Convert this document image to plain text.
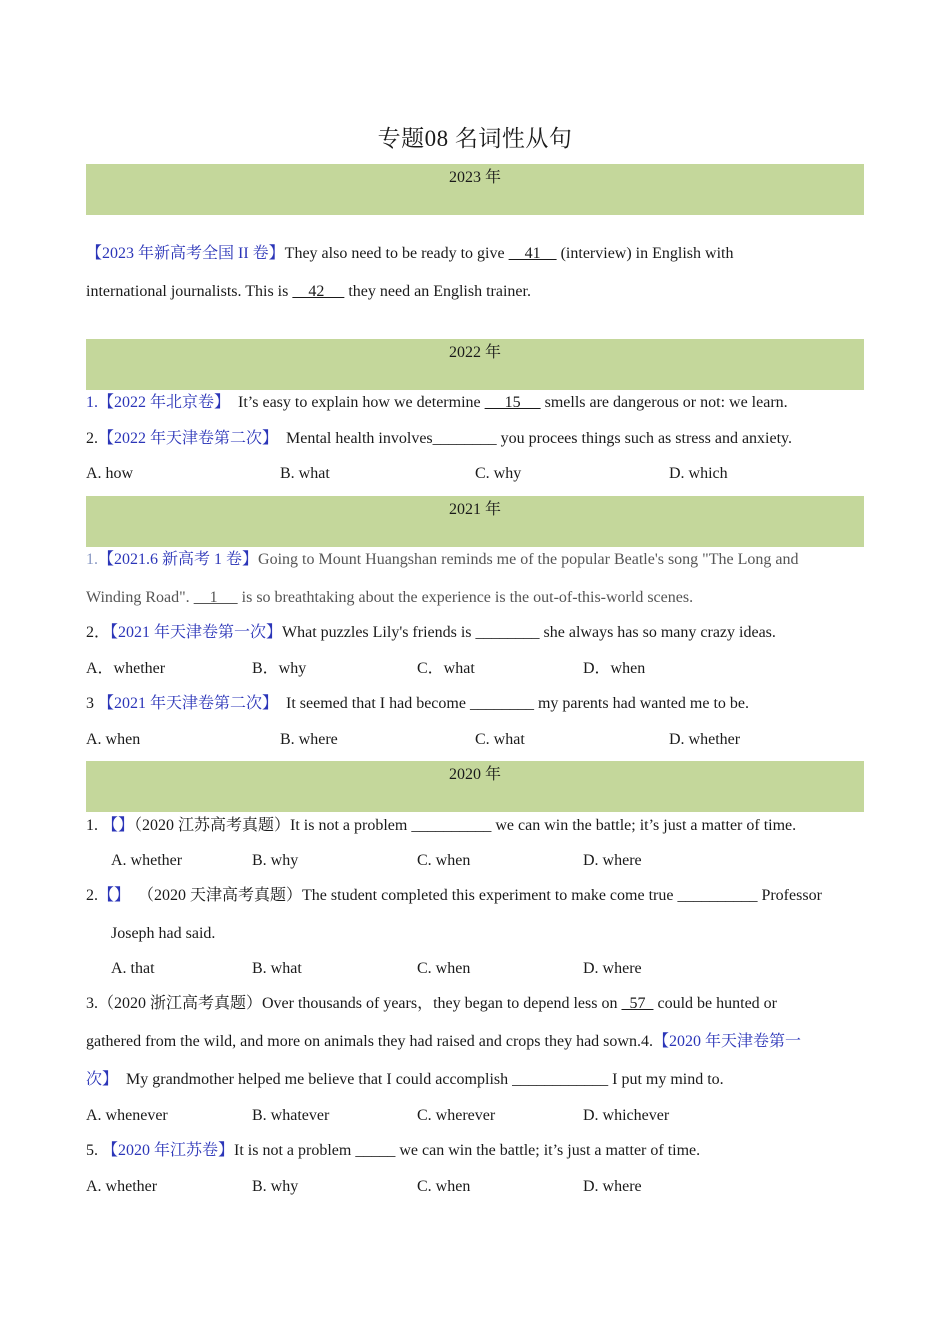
专题08 名词性从句
2023 年
【2023 年新高考全国 II 卷】They also need to be ready to give     41     (interview) in English with
international journalists. This is     42      they need an English trainer.
2022 年
1.【2022 年北京卷】  It’s easy to explain how we determine      15      smells are dangerous or not: we learn.
2.【2022 年天津卷第二次】  Mental health involves________ you procees things such as stress and anxiety.
A. how	B. what	C. why	D. which
2021 年
1.【2021.6 新高考 1 卷】Going to Mount Huangshan reminds me of the popular Beatle's song "The Long and
Winding Road".     1      is so breathtaking about the experience is the out-of-this-world scenes.
2．【2021 年天津卷第一次】What puzzles Lily's friends is ________ she always has so many crazy ideas.
A．whether	B．why	C．what	D．when
3 【2021 年天津卷第二次】  It seemed that I had become ________ my parents had wanted me to be.
A. when	B. where	C. what	D. whether
2020 年
1. 【】（2020 江苏高考真题）It is not a problem __________ we can win the battle; it’s just a matter of time.
A. whether	B. why	C. when	D. where
2.【】  （2020 天津高考真题）The student completed this experiment to make come true __________ Professor
Joseph had said.
A. that	B. what	C. when	D. where
3.（2020 浙江高考真题）Over thousands of years，they began to depend less on   57   could be hunted or
gathered from the wild, and more on animals they had raised and crops they had sown.4.【2020 年天津卷第一
次】  My grandmother helped me believe that I could accomplish ____________ I put my mind to.
A. whenever	B. whatever	C. wherever	D. whichever
5. 【2020 年江苏卷】It is not a problem _____ we can win the battle; it’s just a matter of time.
A. whether	B. why	C. when	D. where
